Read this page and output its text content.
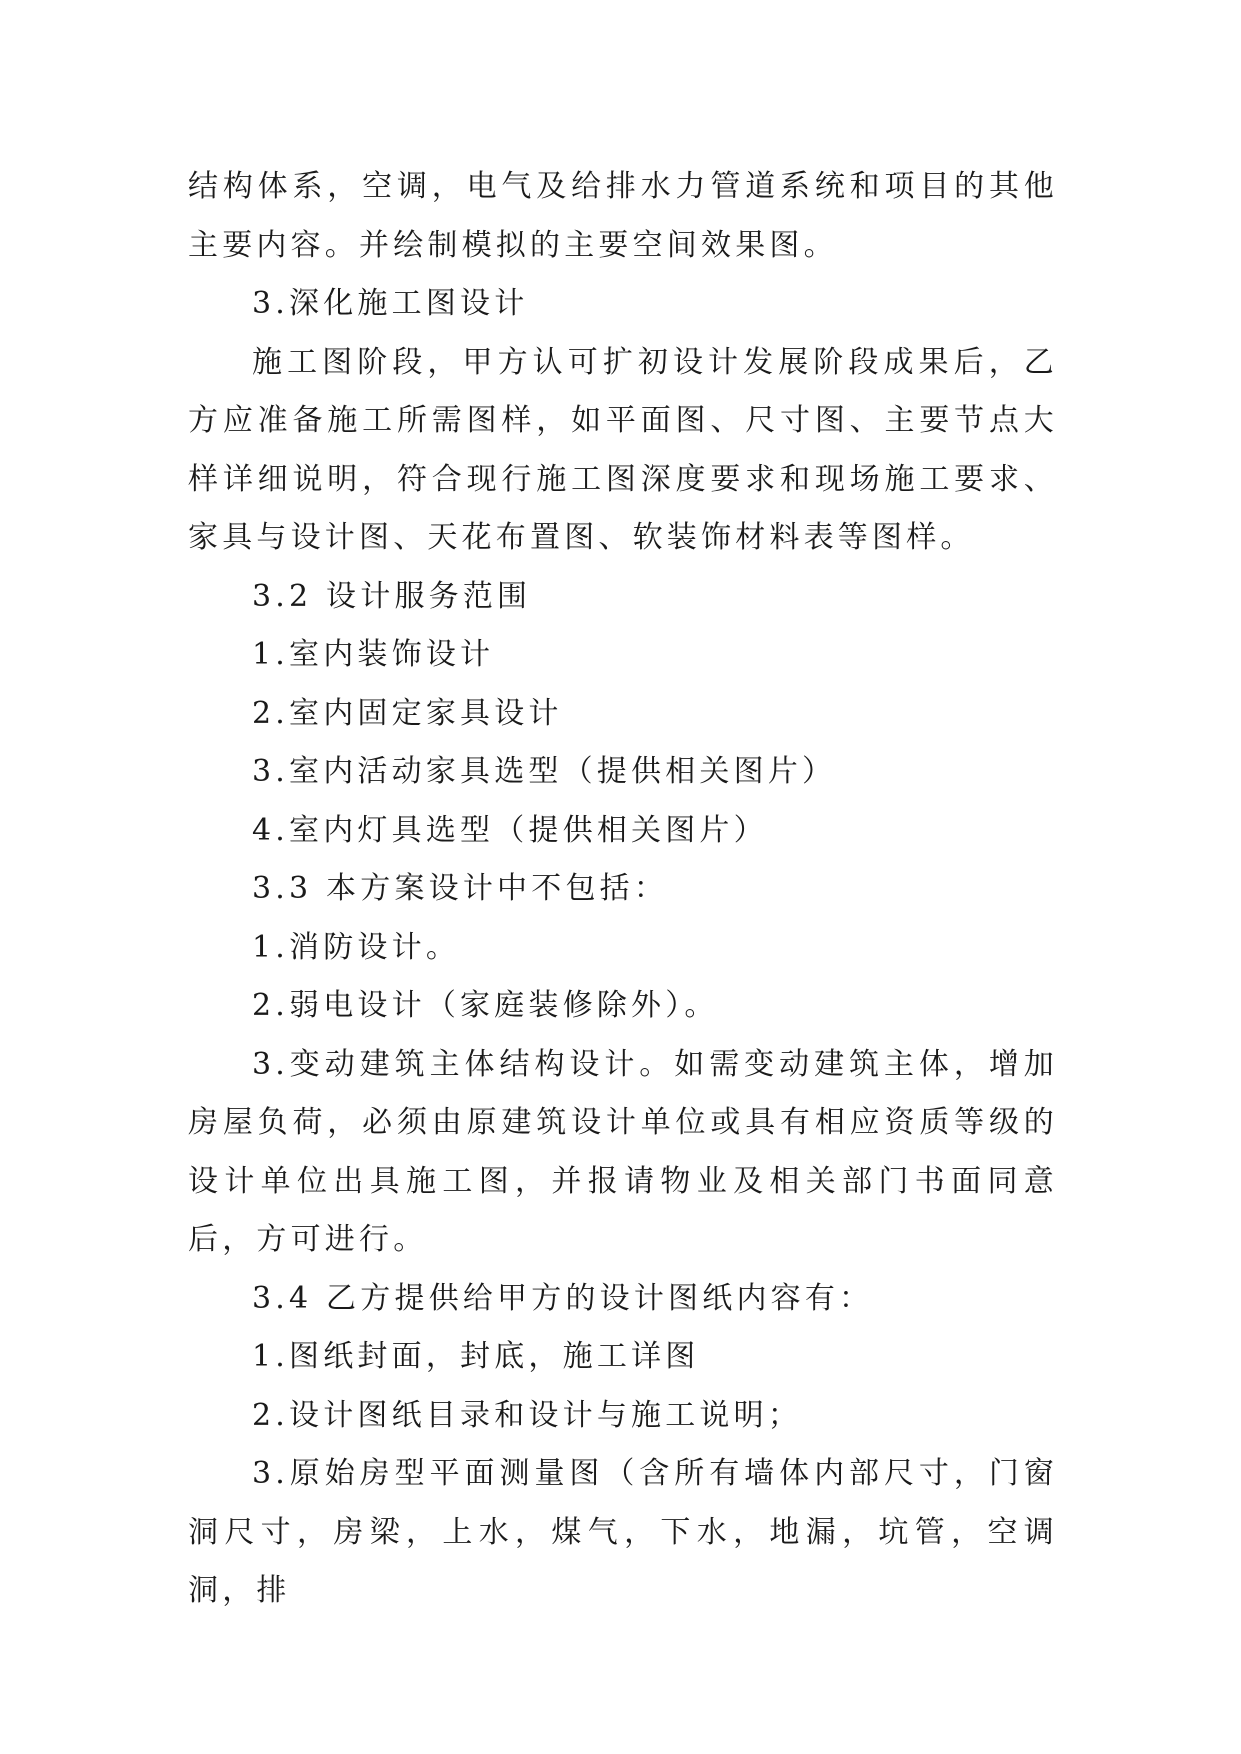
结构体系，空调，电气及给排水力管道系统和项目的其他主要内容。并绘制模拟的主要空间效果图。

3.深化施工图设计

施工图阶段，甲方认可扩初设计发展阶段成果后，乙方应准备施工所需图样，如平面图、尺寸图、主要节点大样详细说明，符合现行施工图深度要求和现场施工要求、家具与设计图、天花布置图、软装饰材料表等图样。

3.2 设计服务范围

1.室内装饰设计

2.室内固定家具设计

3.室内活动家具选型（提供相关图片）

4.室内灯具选型（提供相关图片）

3.3 本方案设计中不包括：

1.消防设计。

2.弱电设计（家庭装修除外）。

3.变动建筑主体结构设计。如需变动建筑主体，增加房屋负荷，必须由原建筑设计单位或具有相应资质等级的设计单位出具施工图，并报请物业及相关部门书面同意后，方可进行。

3.4 乙方提供给甲方的设计图纸内容有：

1.图纸封面，封底，施工详图

2.设计图纸目录和设计与施工说明；

3.原始房型平面测量图（含所有墙体内部尺寸，门窗洞尺寸，房梁，上水，煤气，下水，地漏，坑管，空调洞，排
